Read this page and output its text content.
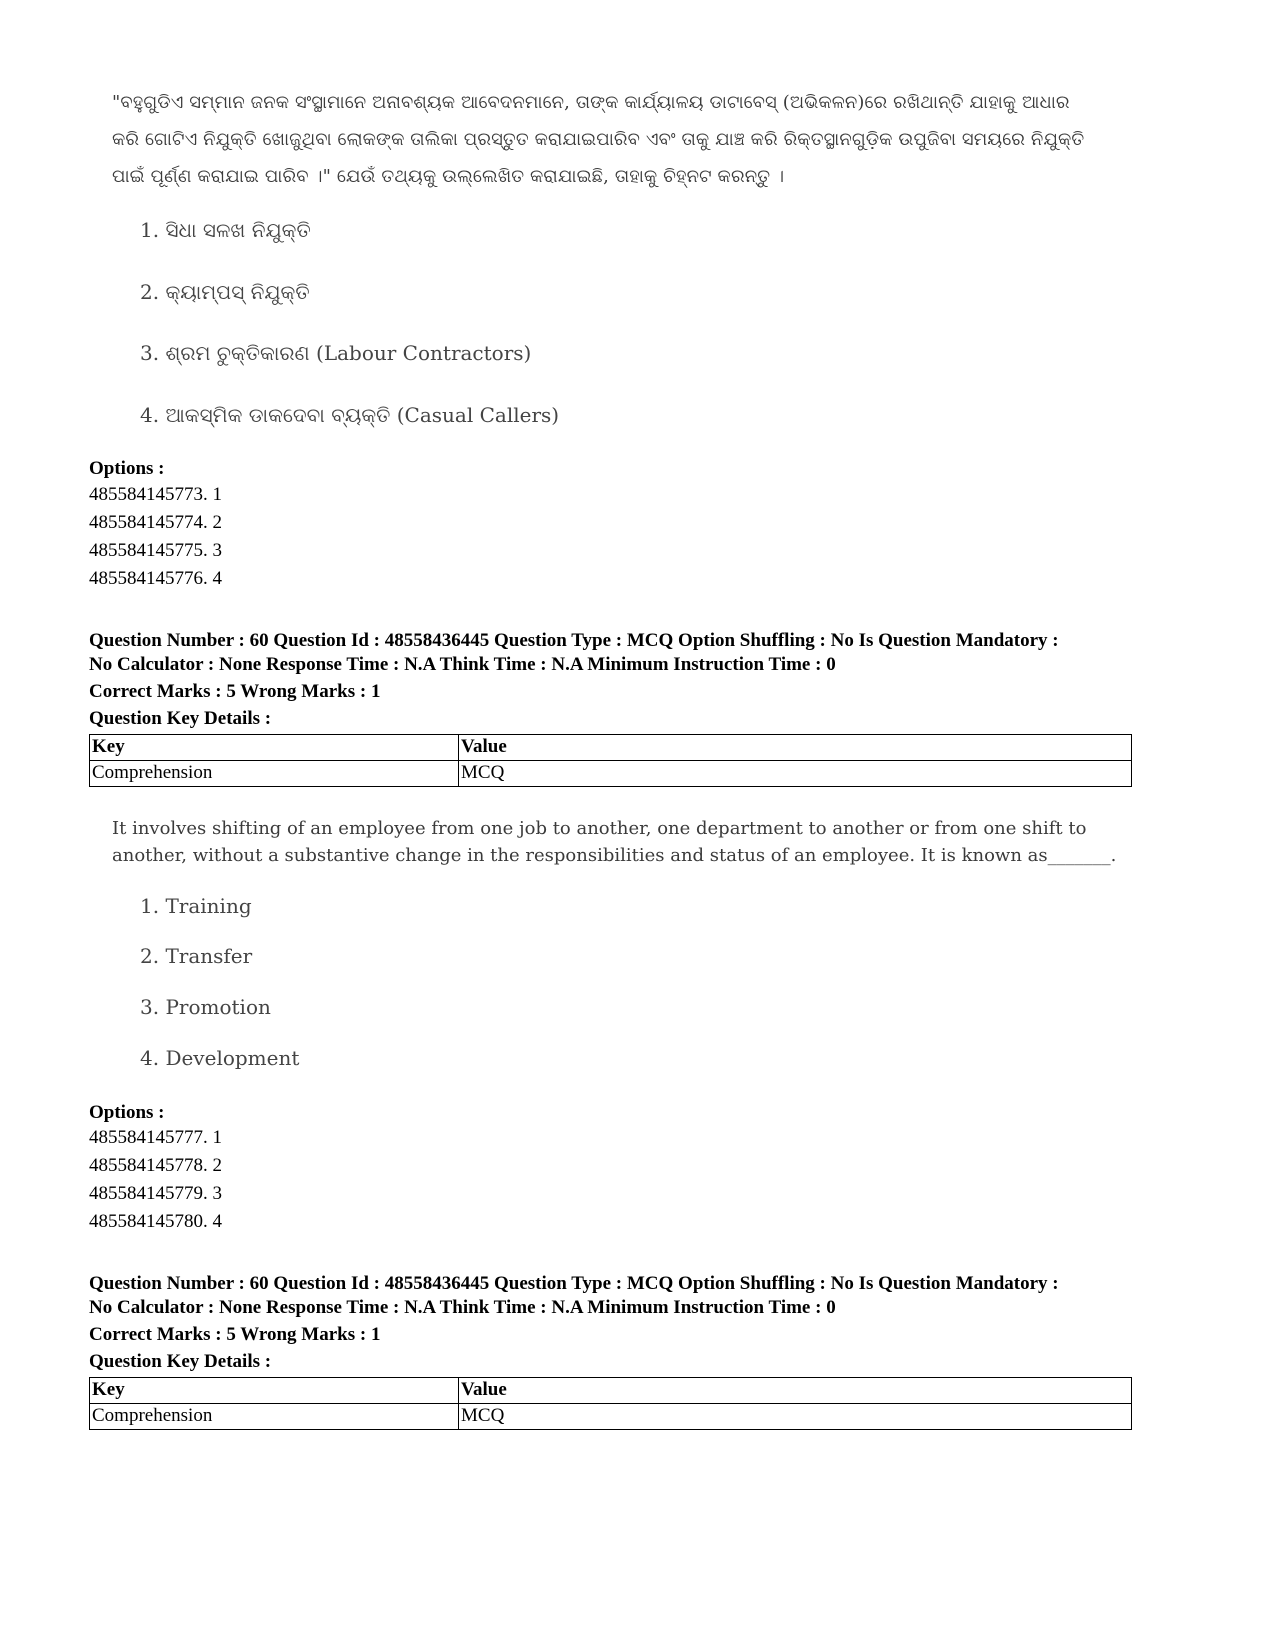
"ବହୁଗୁଡିଏ ସମ୍ମାନ ଜନକ ସଂସ୍ଥାମାନେ ଅନାବଶ୍ୟକ ଆବେଦନମାନେ, ତାଙ୍କ କାର୍ଯ୍ୟାଳୟ ଡାଟାବେସ୍ (ଅଭିକଳନ)ରେ ରଖିଥାନ୍ତି ଯାହାକୁ ଆଧାର କରି ଗୋଟିଏ ନିଯୁକ୍ତି ଖୋଜୁଥିବା ଲୋକଙ୍କ ତାଲିକା ପ୍ରସ୍ତୁତ କରାଯାଇପାରିବ ଏବଂ ତାକୁ ଯାଞ୍ଚ କରି ରିକ୍ତସ୍ଥାନଗୁଡ଼ିକ ଉପୁଜିବା ସମୟରେ ନିଯୁକ୍ତି ପାଇଁ ପୂର୍ଣ୍ଣ କରାଯାଇ ପାରିବ ।" ଯେଉଁ ତଥ୍ୟକୁ ଉଲ୍ଲେଖିତ କରାଯାଇଛି, ତାହାକୁ ଚିହ୍ନଟ କରନ୍ତୁ ।
1. ସିଧା ସଳଖ ନିଯୁକ୍ତି
2. କ୍ୟାମ୍ପସ୍ ନିଯୁକ୍ତି
3. ଶ୍ରମ ଚୁକ୍ତିକାରଣ (Labour Contractors)
4. ଆକସ୍ମିକ ଡାକଦେବା ବ୍ୟକ୍ତି (Casual Callers)
Options :
485584145773. 1
485584145774. 2
485584145775. 3
485584145776. 4
Question Number : 60 Question Id : 48558436445 Question Type : MCQ Option Shuffling : No Is Question Mandatory :
No Calculator : None Response Time : N.A Think Time : N.A Minimum Instruction Time : 0
Correct Marks : 5 Wrong Marks : 1
Question Key Details :
Key	Value
Comprehension	MCQ
It involves shifting of an employee from one job to another, one department to another or from one shift to
another, without a substantive change in the responsibilities and status of an employee. It is known as_______.
1. Training
2. Transfer
3. Promotion
4. Development
Options :
485584145777. 1
485584145778. 2
485584145779. 3
485584145780. 4
Question Number : 60 Question Id : 48558436445 Question Type : MCQ Option Shuffling : No Is Question Mandatory :
No Calculator : None Response Time : N.A Think Time : N.A Minimum Instruction Time : 0
Correct Marks : 5 Wrong Marks : 1
Question Key Details :
Key	Value
Comprehension	MCQ
